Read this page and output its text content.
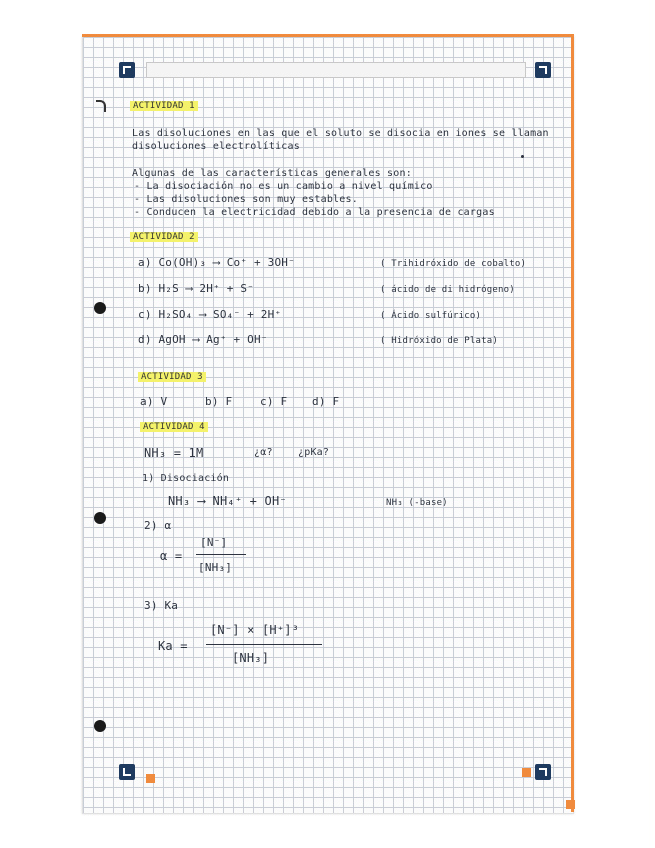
ACTIVIDAD 1
Las disoluciones en las que el soluto se disocia en iones se llaman
disoluciones electrolíticas
Algunas de las características generales son:
- La disociación no es un cambio a nivel químico
- Las disoluciones son muy estables.
- Conducen la electricidad debido a la presencia de cargas
ACTIVIDAD 2
a) Co(OH)₃ ⟶ Co⁺ + 3OH⁻	( Trihidróxido de cobalto)
b) H₂S ⟶ 2H⁺ + S⁻	( ácido de di hidrógeno)
c) H₂SO₄ ⟶ SO₄⁻ + 2H⁺	( Ácido sulfúrico)
d) AgOH ⟶ Ag⁺ + OH⁻	( Hidróxido de Plata)
ACTIVIDAD 3
a) V	b) F	c) F d) F
ACTIVIDAD 4
NH₃ = 1M	¿α?	¿pKa?
1) Disociación
NH₃ ⟶ NH₄⁺ + OH⁻	NH₃ (-base)
2) α
α =
[N⁻]
[NH₃]
3) Ka
Ka =
[N⁻] × [H⁺]³
[NH₃]
